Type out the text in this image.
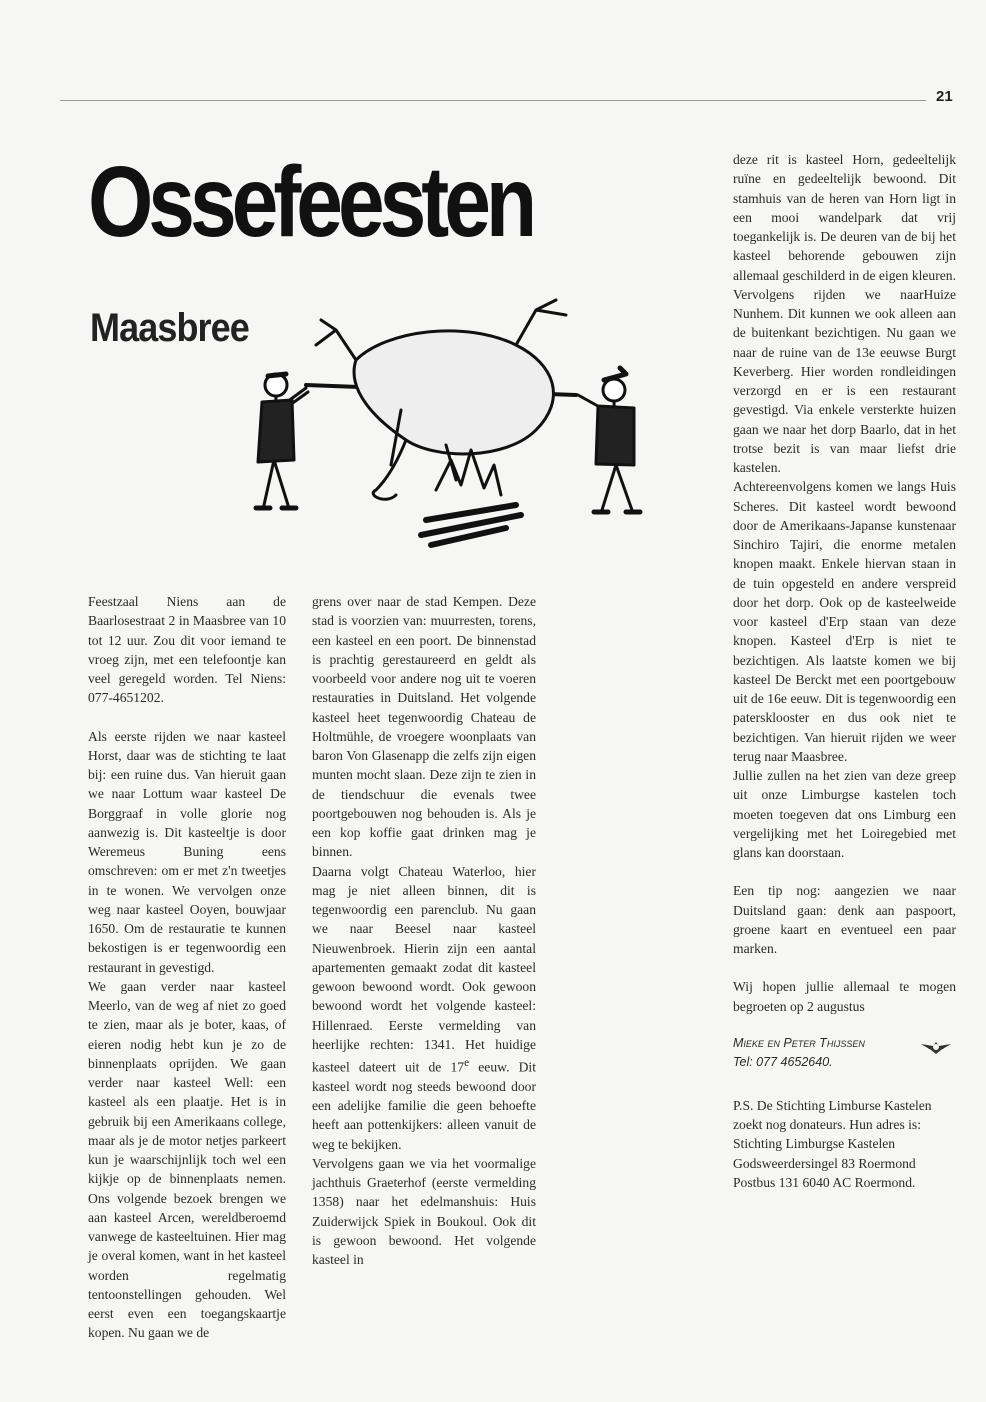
21
Ossefeesten
Maasbree

Feestzaal Niens aan de Baarlosestraat 2 in Maasbree van 10 tot 12 uur. Zou dit voor iemand te vroeg zijn, met een telefoontje kan veel geregeld worden. Tel Niens: 077-4651202.

Als eerste rijden we naar kasteel Horst, daar was de stichting te laat bij: een ruine dus. Van hieruit gaan we naar Lottum waar kasteel De Borggraaf in volle glorie nog aanwezig is. Dit kasteeltje is door Weremeus Buning eens omschreven: om er met z'n tweetjes in te wonen. We vervolgen onze weg naar kasteel Ooyen, bouwjaar 1650. Om de restauratie te kunnen bekostigen is er tegenwoordig een restaurant in gevestigd.

We gaan verder naar kasteel Meerlo, van de weg af niet zo goed te zien, maar als je boter, kaas, of eieren nodig hebt kun je zo de binnenplaats oprijden. We gaan verder naar kasteel Well: een kasteel als een plaatje. Het is in gebruik bij een Amerikaans college, maar als je de motor netjes parkeert kun je waarschijnlijk toch wel een kijkje op de binnenplaats nemen. Ons volgende bezoek brengen we aan kasteel Arcen, wereldberoemd vanwege de kasteeltuinen. Hier mag je overal komen, want in het kasteel worden regelmatig tentoonstellingen gehouden. Wel eerst even een toegangskaartje kopen. Nu gaan we de

grens over naar de stad Kempen. Deze stad is voorzien van: muurresten, torens, een kasteel en een poort. De binnenstad is prachtig gerestaureerd en geldt als voorbeeld voor andere nog uit te voeren restauraties in Duitsland. Het volgende kasteel heet tegenwoordig Chateau de Holtmühle, de vroegere woonplaats van baron Von Glasenapp die zelfs zijn eigen munten mocht slaan. Deze zijn te zien in de tiendschuur die evenals twee poortgebouwen nog behouden is. Als je een kop koffie gaat drinken mag je binnen.

Daarna volgt Chateau Waterloo, hier mag je niet alleen binnen, dit is tegenwoordig een parenclub. Nu gaan we naar Beesel naar kasteel Nieuwenbroek. Hierin zijn een aantal apartementen gemaakt zodat dit kasteel gewoon bewoond wordt. Ook gewoon bewoond wordt het volgende kasteel: Hillenraed. Eerste vermelding van heerlijke rechten: 1341. Het huidige kasteel dateert uit de 17e eeuw. Dit kasteel wordt nog steeds bewoond door een adelijke familie die geen behoefte heeft aan pottenkijkers: alleen vanuit de weg te bekijken.

Vervolgens gaan we via het voormalige jachthuis Graeterhof (eerste vermelding 1358) naar het edelmanshuis: Huis Zuiderwijck Spiek in Boukoul. Ook dit is gewoon bewoond. Het volgende kasteel in

deze rit is kasteel Horn, gedeeltelijk ruïne en gedeeltelijk bewoond. Dit stamhuis van de heren van Horn ligt in een mooi wandelpark dat vrij toegankelijk is. De deuren van de bij het kasteel behorende gebouwen zijn allemaal geschilderd in de eigen kleuren. Vervolgens rijden we naarHuize Nunhem. Dit kunnen we ook alleen aan de buitenkant bezichtigen. Nu gaan we naar de ruine van de 13e eeuwse Burgt Keverberg. Hier worden rondleidingen verzorgd en er is een restaurant gevestigd. Via enkele versterkte huizen gaan we naar het dorp Baarlo, dat in het trotse bezit is van maar liefst drie kastelen.

Achtereenvolgens komen we langs Huis Scheres. Dit kasteel wordt bewoond door de Amerikaans-Japanse kunstenaar Sinchiro Tajiri, die enorme metalen knopen maakt. Enkele hiervan staan in de tuin opgesteld en andere verspreid door het dorp. Ook op de kasteelweide voor kasteel d'Erp staan van deze knopen. Kasteel d'Erp is niet te bezichtigen. Als laatste komen we bij kasteel De Berckt met een poortgebouw uit de 16e eeuw. Dit is tegenwoordig een patersklooster en dus ook niet te bezichtigen. Van hieruit rijden we weer terug naar Maasbree.

Jullie zullen na het zien van deze greep uit onze Limburgse kastelen toch moeten toegeven dat ons Limburg een vergelijking met het Loiregebied met glans kan doorstaan.

Een tip nog: aangezien we naar Duitsland gaan: denk aan paspoort, groene kaart en eventueel een paar marken.

Wij hopen jullie allemaal te mogen begroeten op 2 augustus

Mieke en Peter Thijssen
Tel: 077 4652640.

P.S. De Stichting Limburse Kastelen zoekt nog donateurs. Hun adres is: Stichting Limburgse Kastelen Godsweerdersingel 83 Roermond Postbus 131 6040 AC Roermond.
